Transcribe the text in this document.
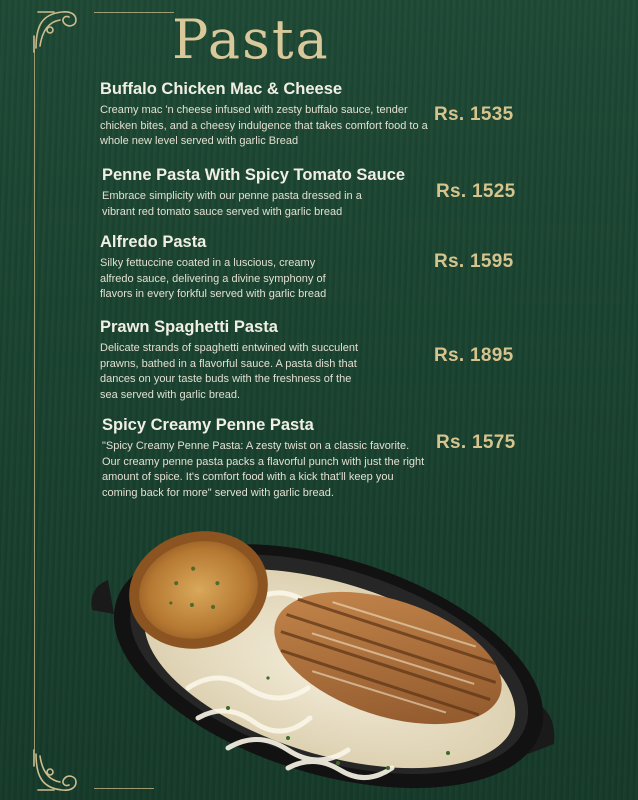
Pasta
Buffalo Chicken Mac & Cheese

Creamy mac 'n cheese infused with zesty buffalo sauce, tender chicken bites, and a cheesy indulgence that takes comfort food to a whole new level served with garlic Bread

Rs. 1535

Penne Pasta With Spicy Tomato Sauce

Embrace simplicity with our penne pasta dressed in a vibrant red tomato sauce served with garlic bread

Rs. 1525

Alfredo Pasta

Silky fettuccine coated in a luscious, creamy alfredo sauce, delivering a divine symphony of flavors in every forkful served with garlic bread

Rs. 1595

Prawn Spaghetti Pasta

Delicate strands of spaghetti entwined with succulent prawns, bathed in a flavorful sauce. A pasta dish that dances on your taste buds with the freshness of the sea served with garlic bread.

Rs. 1895

Spicy Creamy Penne Pasta

"Spicy Creamy Penne Pasta: A zesty twist on a classic favorite. Our creamy penne pasta packs a flavorful punch with just the right amount of spice. It's comfort food with a kick that'll keep you coming back for more" served with garlic bread.

Rs. 1575
